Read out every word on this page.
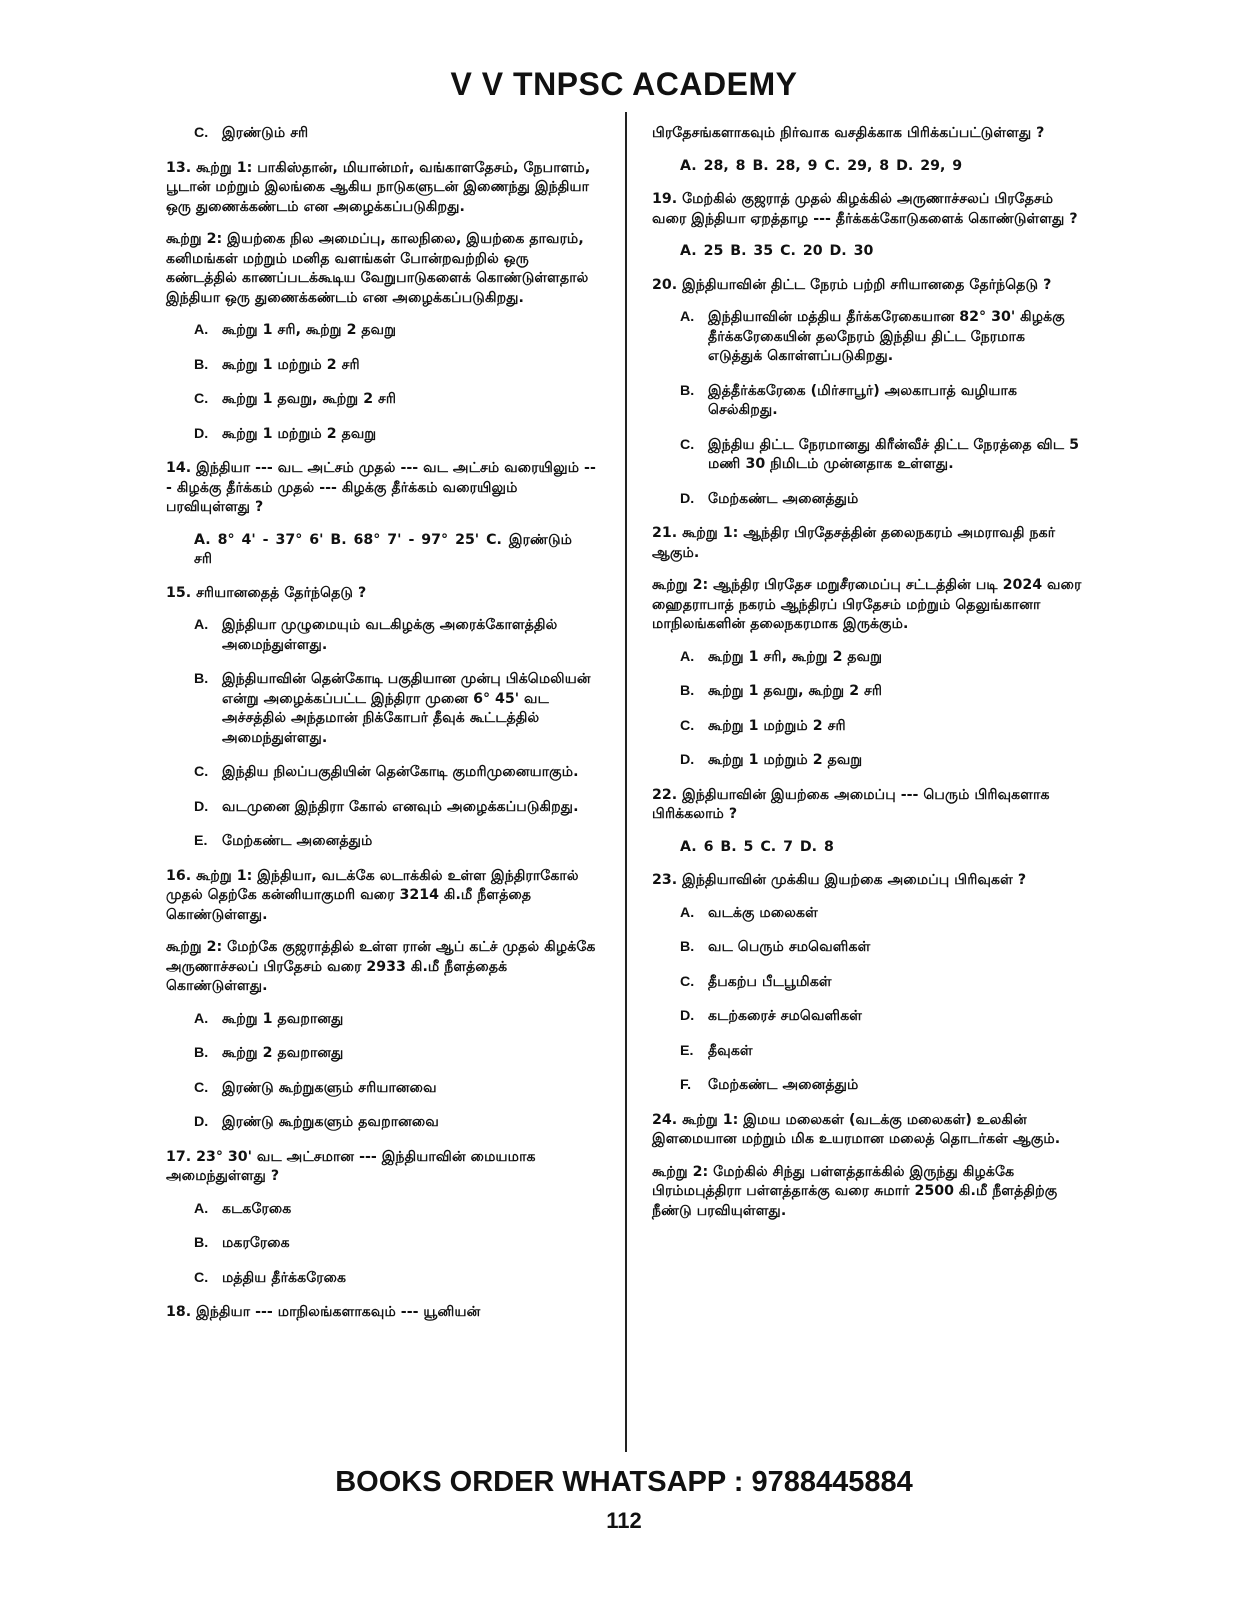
V V TNPSC ACADEMY
C. இரண்டும் சரி
13. கூற்று 1: பாகிஸ்தான், மியான்மர், வங்காளதேசம், நேபாளம், பூடான் மற்றும் இலங்கை ஆகிய நாடுகளுடன் இணைந்து இந்தியா ஒரு துணைக்கண்டம் என அழைக்கப்படுகிறது.
கூற்று 2: இயற்கை நில அமைப்பு, காலநிலை, இயற்கை தாவரம், கனிமங்கள் மற்றும் மனித வளங்கள் போன்றவற்றில் ஒரு கண்டத்தில் காணப்படக்கூடிய வேறுபாடுகளைக் கொண்டுள்ளதால் இந்தியா ஒரு துணைக்கண்டம் என அழைக்கப்படுகிறது.
A. கூற்று 1 சரி, கூற்று 2 தவறு
B. கூற்று 1 மற்றும் 2 சரி
C. கூற்று 1 தவறு, கூற்று 2 சரி
D. கூற்று 1 மற்றும் 2 தவறு
14. இந்தியா --- வட அட்சம் முதல் --- வட அட்சம் வரையிலும் --- கிழக்கு தீர்க்கம் முதல் --- கிழக்கு தீர்க்கம் வரையிலும் பரவியுள்ளது ?
A. 8° 4' - 37° 6' B. 68° 7' - 97° 25' C. இரண்டும் சரி
15. சரியானதைத் தேர்ந்தெடு ?
A. இந்தியா முழுமையும் வடகிழக்கு அரைக்கோளத்தில் அமைந்துள்ளது.
B. இந்தியாவின் தென்கோடி பகுதியான முன்பு பிக்மெலியன் என்று அழைக்கப்பட்ட இந்திரா முனை 6° 45' வட அச்சத்தில் அந்தமான் நிக்கோபர் தீவுக் கூட்டத்தில் அமைந்துள்ளது.
C. இந்திய நிலப்பகுதியின் தென்கோடி குமரிமுனையாகும்.
D. வடமுனை இந்திரா கோல் எனவும் அழைக்கப்படுகிறது.
E. மேற்கண்ட அனைத்தும்
16. கூற்று 1: இந்தியா, வடக்கே லடாக்கில் உள்ள இந்திராகோல் முதல் தெற்கே கன்னியாகுமரி வரை 3214 கி.மீ நீளத்தை கொண்டுள்ளது.
கூற்று 2: மேற்கே குஜராத்தில் உள்ள ரான் ஆப் கட்ச் முதல் கிழக்கே அருணாச்சலப் பிரதேசம் வரை 2933 கி.மீ நீளத்தைக் கொண்டுள்ளது.
A. கூற்று 1 தவறானது
B. கூற்று 2 தவறானது
C. இரண்டு கூற்றுகளும் சரியானவை
D. இரண்டு கூற்றுகளும் தவறானவை
17. 23° 30' வட அட்சமான --- இந்தியாவின் மையமாக அமைந்துள்ளது ?
A. கடகரேகை
B. மகரரேகை
C. மத்திய தீர்க்கரேகை
18. இந்தியா --- மாநிலங்களாகவும் --- யூனியன்
பிரதேசங்களாகவும் நிர்வாக வசதிக்காக பிரிக்கப்பட்டுள்ளது ?
A. 28, 8 B. 28, 9 C. 29, 8 D. 29, 9
19. மேற்கில் குஜராத் முதல் கிழக்கில் அருணாச்சலப் பிரதேசம் வரை இந்தியா ஏறத்தாழ --- தீர்க்கக்கோடுகளைக் கொண்டுள்ளது ?
A. 25 B. 35 C. 20 D. 30
20. இந்தியாவின் திட்ட நேரம் பற்றி சரியானதை தேர்ந்தெடு ?
A. இந்தியாவின் மத்திய தீர்க்கரேகையான 82° 30' கிழக்கு தீர்க்கரேகையின் தலநேரம் இந்திய திட்ட நேரமாக எடுத்துக் கொள்ளப்படுகிறது.
B. இத்தீர்க்கரேகை (மிர்சாபூர்) அலகாபாத் வழியாக செல்கிறது.
C. இந்திய திட்ட நேரமானது கிரீன்வீச் திட்ட நேரத்தை விட 5 மணி 30 நிமிடம் முன்னதாக உள்ளது.
D. மேற்கண்ட அனைத்தும்
21. கூற்று 1: ஆந்திர பிரதேசத்தின் தலைநகரம் அமராவதி நகர் ஆகும்.
கூற்று 2: ஆந்திர பிரதேச மறுசீரமைப்பு சட்டத்தின் படி 2024 வரை ஹைதராபாத் நகரம் ஆந்திரப் பிரதேசம் மற்றும் தெலுங்கானா மாநிலங்களின் தலைநகரமாக இருக்கும்.
A. கூற்று 1 சரி, கூற்று 2 தவறு
B. கூற்று 1 தவறு, கூற்று 2 சரி
C. கூற்று 1 மற்றும் 2 சரி
D. கூற்று 1 மற்றும் 2 தவறு
22. இந்தியாவின் இயற்கை அமைப்பு --- பெரும் பிரிவுகளாக பிரிக்கலாம் ?
A. 6 B. 5 C. 7 D. 8
23. இந்தியாவின் முக்கிய இயற்கை அமைப்பு பிரிவுகள் ?
A. வடக்கு மலைகள்
B. வட பெரும் சமவெளிகள்
C. தீபகற்ப பீடபூமிகள்
D. கடற்கரைச் சமவெளிகள்
E. தீவுகள்
F. மேற்கண்ட அனைத்தும்
24. கூற்று 1: இமய மலைகள் (வடக்கு மலைகள்) உலகின் இளமையான மற்றும் மிக உயரமான மலைத் தொடர்கள் ஆகும்.
கூற்று 2: மேற்கில் சிந்து பள்ளத்தாக்கில் இருந்து கிழக்கே பிரம்மபுத்திரா பள்ளத்தாக்கு வரை சுமார் 2500 கி.மீ நீளத்திற்கு நீண்டு பரவியுள்ளது.
BOOKS ORDER WHATSAPP : 9788445884
112
